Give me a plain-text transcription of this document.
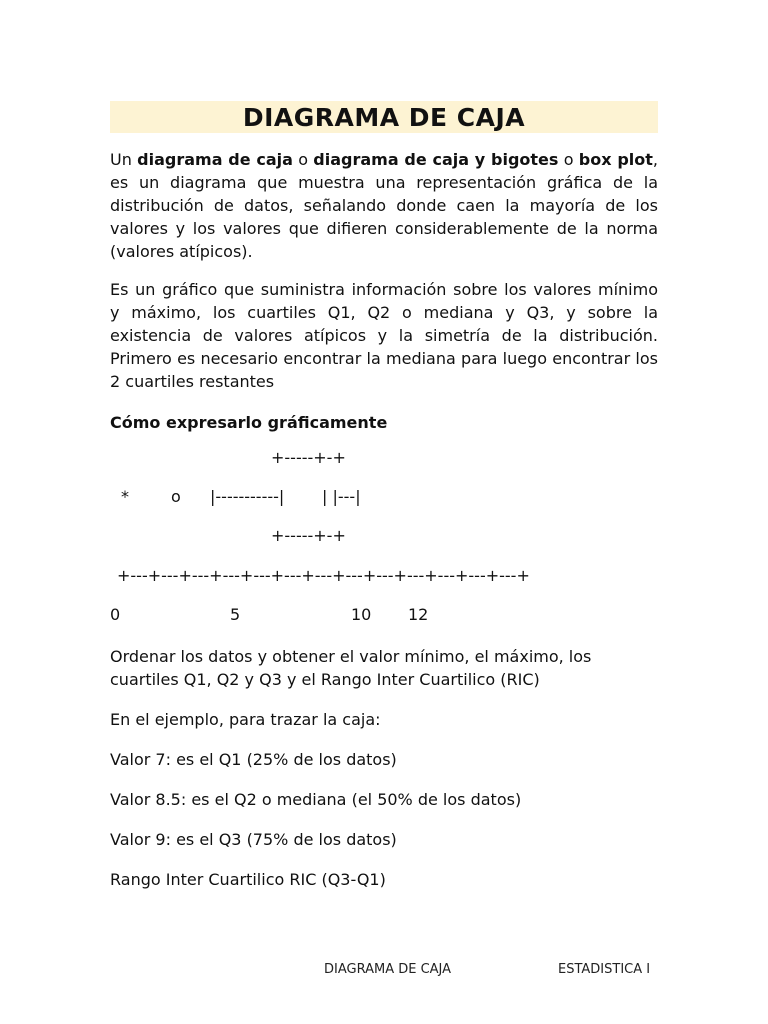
DIAGRAMA DE CAJA

Un diagrama de caja o diagrama de caja y bigotes o box plot, es un diagrama que muestra una representación gráfica de la distribución de datos, señalando donde caen la mayoría de los valores y los valores que difieren considerablemente de la norma (valores atípicos).

Es un gráfico que suministra información sobre los valores mínimo y máximo, los cuartiles Q1, Q2 o mediana y Q3, y sobre la existencia de valores atípicos y la simetría de la distribución. Primero es necesario encontrar la mediana para luego encontrar los 2 cuartiles restantes

Cómo expresarlo gráficamente

+-----+-+
*	o |-----------| | |---|
+-----+-+
+---+---+---+---+---+---+---+---+---+---+---+---+---+
0	5	10 12

Ordenar los datos y obtener el valor mínimo, el máximo, los cuartiles Q1, Q2 y Q3 y el Rango Inter Cuartilico (RIC)

En el ejemplo, para trazar la caja:

Valor 7: es el Q1 (25% de los datos)

Valor 8.5: es el Q2 o mediana (el 50% de los datos)

Valor 9: es el Q3 (75% de los datos)

Rango Inter Cuartilico RIC (Q3-Q1)

DIAGRAMA DE CAJA	ESTADISTICA I
